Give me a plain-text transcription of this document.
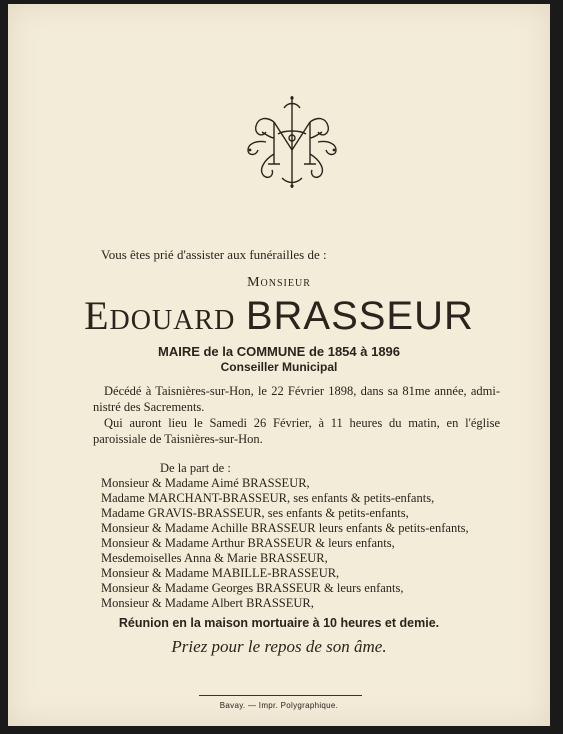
Vous êtes prié d'assister aux funérailles de :
Monsieur
Edouard BRASSEUR
MAIRE de la COMMUNE de 1854 à 1896
Conseiller Municipal
Décédé à Taisnières-sur-Hon, le 22 Février 1898, dans sa 81me année, admi-
nistré des Sacrements.
Qui auront lieu le Samedi 26 Février, à 11 heures du matin, en l'église
paroissiale de Taisnières-sur-Hon.
De la part de :
Monsieur & Madame Aimé BRASSEUR,
Madame MARCHANT-BRASSEUR, ses enfants & petits-enfants,
Madame GRAVIS-BRASSEUR, ses enfants & petits-enfants,
Monsieur & Madame Achille BRASSEUR leurs enfants & petits-enfants,
Monsieur & Madame Arthur BRASSEUR & leurs enfants,
Mesdemoiselles Anna & Marie BRASSEUR,
Monsieur & Madame MABILLE-BRASSEUR,
Monsieur & Madame Georges BRASSEUR & leurs enfants,
Monsieur & Madame Albert BRASSEUR,
Réunion en la maison mortuaire à 10 heures et demie.
Priez pour le repos de son âme.
Bavay. — Impr. Polygraphique.
